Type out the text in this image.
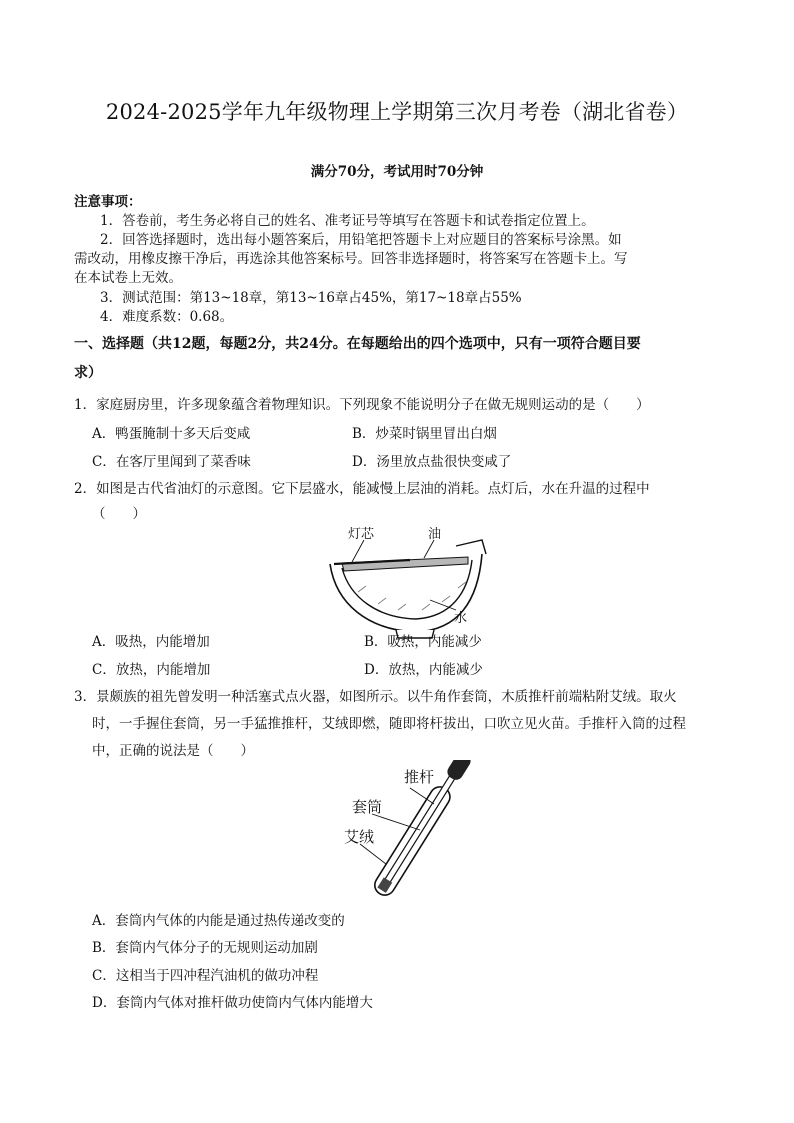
2024-2025学年九年级物理上学期第三次月考卷（湖北省卷）
满分70分，考试用时70分钟
注意事项：
1．答卷前，考生务必将自己的姓名、准考证号等填写在答题卡和试卷指定位置上。
2．回答选择题时，选出每小题答案后，用铅笔把答题卡上对应题目的答案标号涂黑。如
需改动，用橡皮擦干净后，再选涂其他答案标号。回答非选择题时，将答案写在答题卡上。写
在本试卷上无效。
3．测试范围：第13~18章，第13~16章占45%，第17~18章占55%
4．难度系数：0.68。
一、选择题（共12题，每题2分，共24分。在每题给出的四个选项中，只有一项符合题目要
求）
1．家庭厨房里，许多现象蕴含着物理知识。下列现象不能说明分子在做无规则运动的是（　　）
A．鸭蛋腌制十多天后变咸	B．炒菜时锅里冒出白烟
C．在客厅里闻到了菜香味	D．汤里放点盐很快变咸了
2．如图是古代省油灯的示意图。它下层盛水，能减慢上层油的消耗。点灯后，水在升温的过程中
（　　）
灯芯	油
水
A．吸热，内能增加	B．吸热，内能减少
C．放热，内能增加	D．放热，内能减少
3．景颇族的祖先曾发明一种活塞式点火器，如图所示。以牛角作套筒，木质推杆前端粘附艾绒。取火
时，一手握住套筒，另一手猛推推杆，艾绒即燃，随即将杆拔出，口吹立见火苗。手推杆入筒的过程
中，正确的说法是（　　）
推杆
套筒
艾绒
A．套筒内气体的内能是通过热传递改变的
B．套筒内气体分子的无规则运动加剧
C．这相当于四冲程汽油机的做功冲程
D．套筒内气体对推杆做功使筒内气体内能增大
